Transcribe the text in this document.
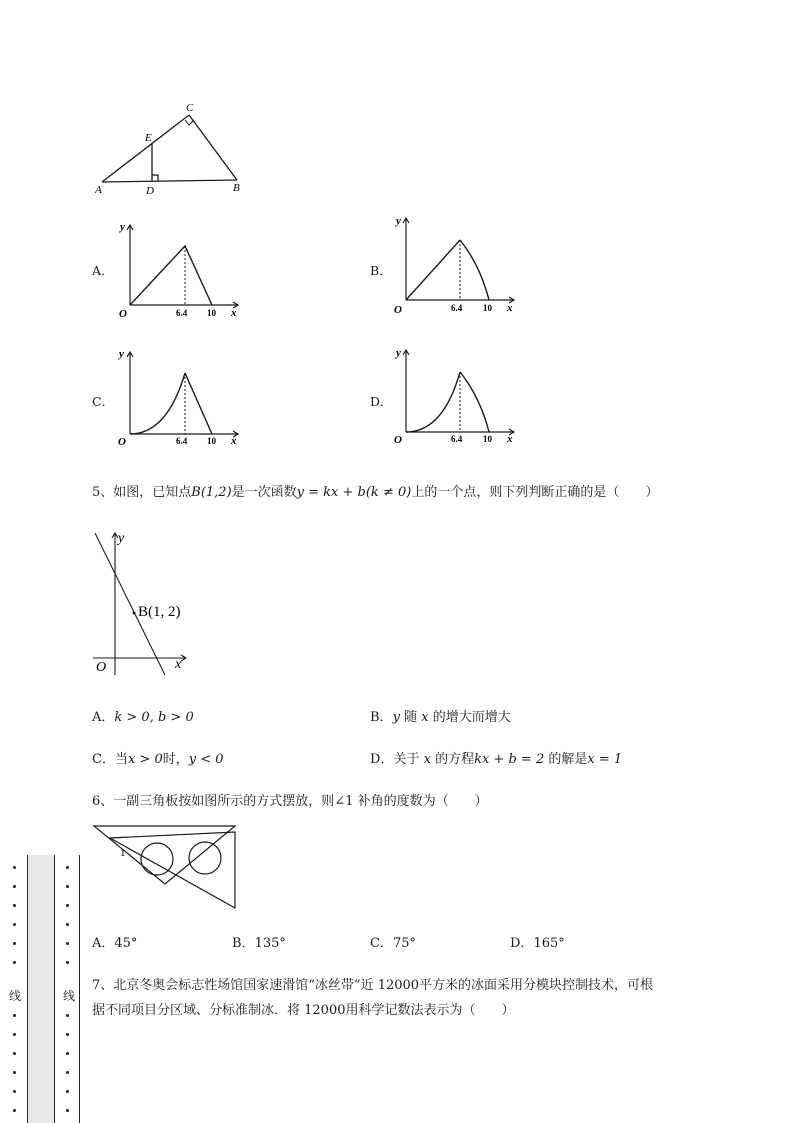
A	B
C
D
E
A．
y
O	6.4 10 x
B．
y
O	6.4 10 x
C．
y
O	6.4 10 x
D．
y
O	6.4 10 x
5、如图，已知点B(1,2)是一次函数y = kx + b(k ≠ 0)上的一个点，则下列判断正确的是（　　）
y
O	x
B(1, 2)
A．k > 0, b > 0	B．y 随 x 的增大而增大
C．当x > 0时，y < 0	D．关于 x 的方程kx + b = 2 的解是x = 1
6、一副三角板按如图所示的方式摆放，则∠1 补角的度数为（　　）
1
A．45°	B．135°	C．75°	D．165°
7、北京冬奥会标志性场馆国家速滑馆“冰丝带”近 12000平方米的冰面采用分模块控制技术，可根
据不同项目分区域、分标准制冰．将 12000用科学记数法表示为（　　）
线	线
